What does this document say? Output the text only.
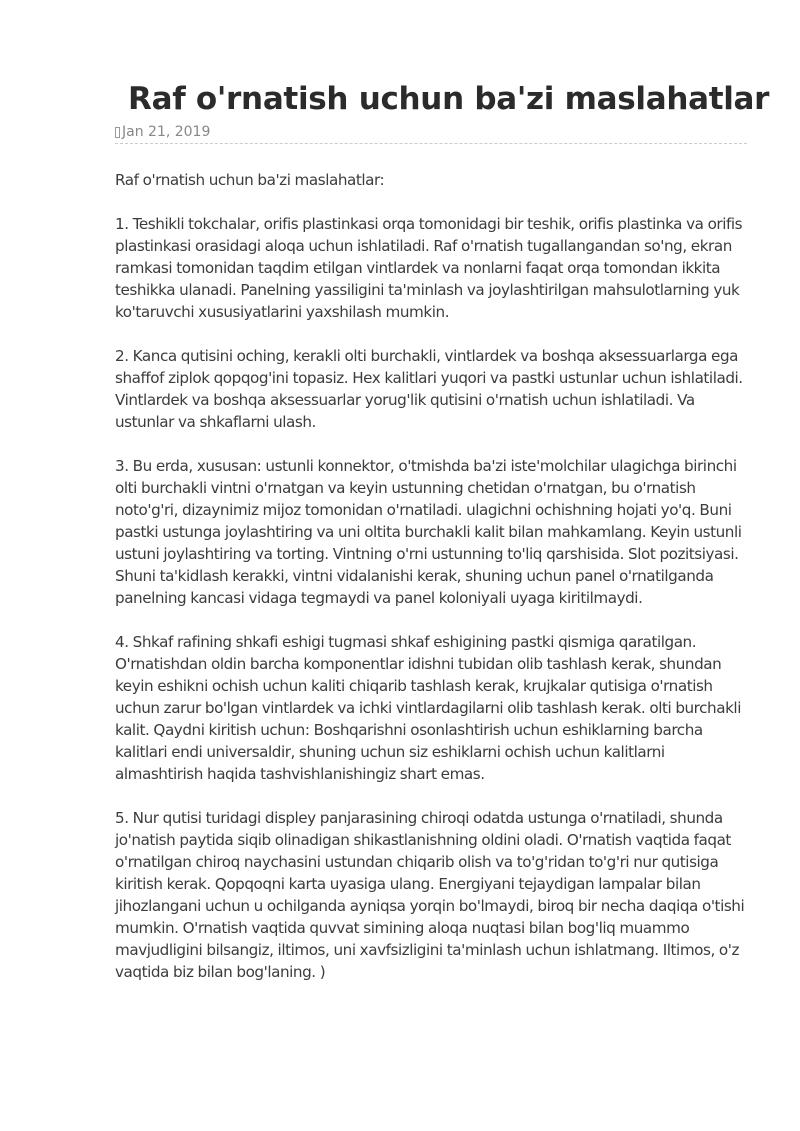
Raf o'rnatish uchun ba'zi maslahatlar
Jan 21, 2019

Raf o'rnatish uchun ba'zi maslahatlar:

1. Teshikli tokchalar, orifis plastinkasi orqa tomonidagi bir teshik, orifis plastinka va orifis plastinkasi orasidagi aloqa uchun ishlatiladi. Raf o'rnatish tugallangandan so'ng, ekran ramkasi tomonidan taqdim etilgan vintlardek va nonlarni faqat orqa tomondan ikkita teshikka ulanadi. Panelning yassiligini ta'minlash va joylashtirilgan mahsulotlarning yuk ko'taruvchi xususiyatlarini yaxshilash mumkin.

2. Kanca qutisini oching, kerakli olti burchakli, vintlardek va boshqa aksessuarlarga ega shaffof ziplok qopqog'ini topasiz. Hex kalitlari yuqori va pastki ustunlar uchun ishlatiladi. Vintlardek va boshqa aksessuarlar yorug'lik qutisini o'rnatish uchun ishlatiladi. Va ustunlar va shkaflarni ulash.

3. Bu erda, xususan: ustunli konnektor, o'tmishda ba'zi iste'molchilar ulagichga birinchi olti burchakli vintni o'rnatgan va keyin ustunning chetidan o'rnatgan, bu o'rnatish noto'g'ri, dizaynimiz mijoz tomonidan o'rnatiladi. ulagichni ochishning hojati yo'q. Buni pastki ustunga joylashtiring va uni oltita burchakli kalit bilan mahkamlang. Keyin ustunli ustuni joylashtiring va torting. Vintning o'rni ustunning to'liq qarshisida. Slot pozitsiyasi. Shuni ta'kidlash kerakki, vintni vidalanishi kerak, shuning uchun panel o'rnatilganda panelning kancasi vidaga tegmaydi va panel koloniyali uyaga kiritilmaydi.

4. Shkaf rafining shkafi eshigi tugmasi shkaf eshigining pastki qismiga qaratilgan. O'rnatishdan oldin barcha komponentlar idishni tubidan olib tashlash kerak, shundan keyin eshikni ochish uchun kaliti chiqarib tashlash kerak, krujkalar qutisiga o'rnatish uchun zarur bo'lgan vintlardek va ichki vintlardagilarni olib tashlash kerak. olti burchakli kalit. Qaydni kiritish uchun: Boshqarishni osonlashtirish uchun eshiklarning barcha kalitlari endi universaldir, shuning uchun siz eshiklarni ochish uchun kalitlarni almashtirish haqida tashvishlanishingiz shart emas.

5. Nur qutisi turidagi displey panjarasining chiroqi odatda ustunga o'rnatiladi, shunda jo'natish paytida siqib olinadigan shikastlanishning oldini oladi. O'rnatish vaqtida faqat o'rnatilgan chiroq naychasini ustundan chiqarib olish va to'g'ridan to'g'ri nur qutisiga kiritish kerak. Qopqoqni karta uyasiga ulang. Energiyani tejaydigan lampalar bilan jihozlangani uchun u ochilganda ayniqsa yorqin bo'lmaydi, biroq bir necha daqiqa o'tishi mumkin. O'rnatish vaqtida quvvat simining aloqa nuqtasi bilan bog'liq muammo mavjudligini bilsangiz, iltimos, uni xavfsizligini ta'minlash uchun ishlatmang. Iltimos, o'z vaqtida biz bilan bog'laning. )
